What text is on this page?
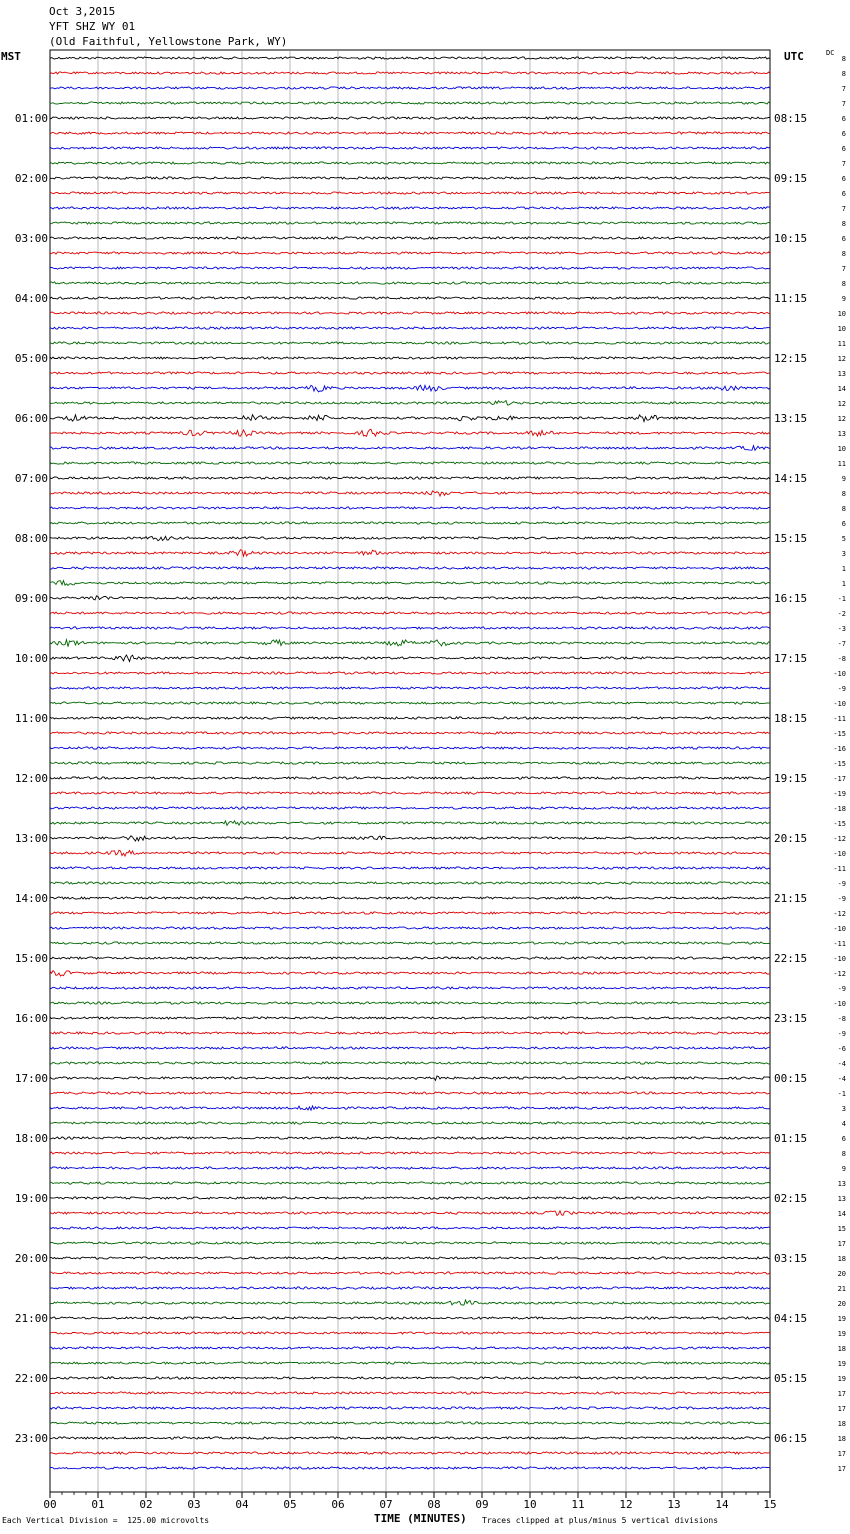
Oct 3,2015
YFT SHZ WY 01
(Old Faithful, Yellowstone Park, WY)
MST	UTC	DC
8
8
7
7
6
6
6
7
6
6
7
8
6
8
7
8
9
10
10
11
12
13
14
12
12
13
10
11
9
8
8
6
5
3
1
1
-1
-2
-3
-7
-8
-10
-9
-10
-11
-15
-16
-15
-17
-19
-18
-15
-12
-10
-11
-9
-9
-12
-10
-11
-10
-12
-9
-10
-8
-9
-6
-4
-4
-1
3
4
6
8
9
13
13
14
15
17
18
20
21
20
19
19
18
19
19
17
17
18
18
17
17
01:00	08:15
02:00	09:15
03:00	10:15
04:00	11:15
05:00	12:15
06:00	13:15
07:00	14:15
08:00	15:15
09:00	16:15
10:00	17:15
11:00	18:15
12:00	19:15
13:00	20:15
14:00	21:15
15:00	22:15
16:00	23:15
17:00	00:15
18:00	01:15
19:00	02:15
20:00	03:15
21:00	04:15
22:00	05:15
23:00	06:15
00	01	02	03	04	05	06	07	08	09	10	11	12	13	14	15
Each Vertical Division =  125.00 microvolts	TIME (MINUTES) Traces clipped at plus/minus 5 vertical divisions
